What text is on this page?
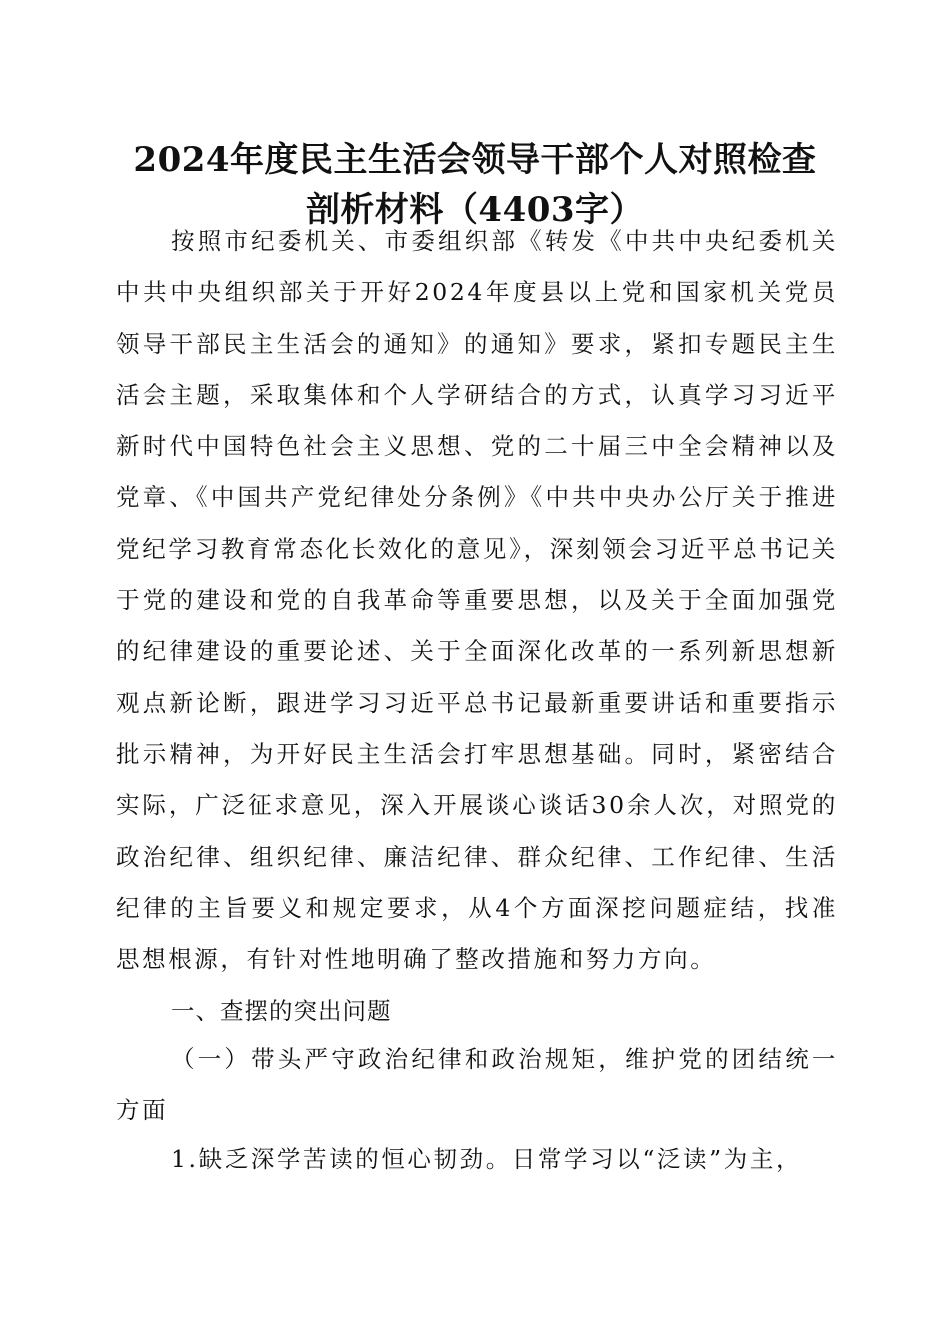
2024年度民主生活会领导干部个人对照检查
剖析材料（4403字）

按照市纪委机关、市委组织部《转发《中共中央纪委机关中共中央组织部关于开好2024年度县以上党和国家机关党员领导干部民主生活会的通知》的通知》要求，紧扣专题民主生活会主题，采取集体和个人学研结合的方式，认真学习习近平新时代中国特色社会主义思想、党的二十届三中全会精神以及党章、《中国共产党纪律处分条例》《中共中央办公厅关于推进党纪学习教育常态化长效化的意见》，深刻领会习近平总书记关于党的建设和党的自我革命等重要思想，以及关于全面加强党的纪律建设的重要论述、关于全面深化改革的一系列新思想新观点新论断，跟进学习习近平总书记最新重要讲话和重要指示批示精神，为开好民主生活会打牢思想基础。同时，紧密结合实际，广泛征求意见，深入开展谈心谈话30余人次，对照党的政治纪律、组织纪律、廉洁纪律、群众纪律、工作纪律、生活纪律的主旨要义和规定要求，从4个方面深挖问题症结，找准思想根源，有针对性地明确了整改措施和努力方向。

一、查摆的突出问题

（一）带头严守政治纪律和政治规矩，维护党的团结统一方面

1.缺乏深学苦读的恒心韧劲。日常学习以“泛读”为主，
